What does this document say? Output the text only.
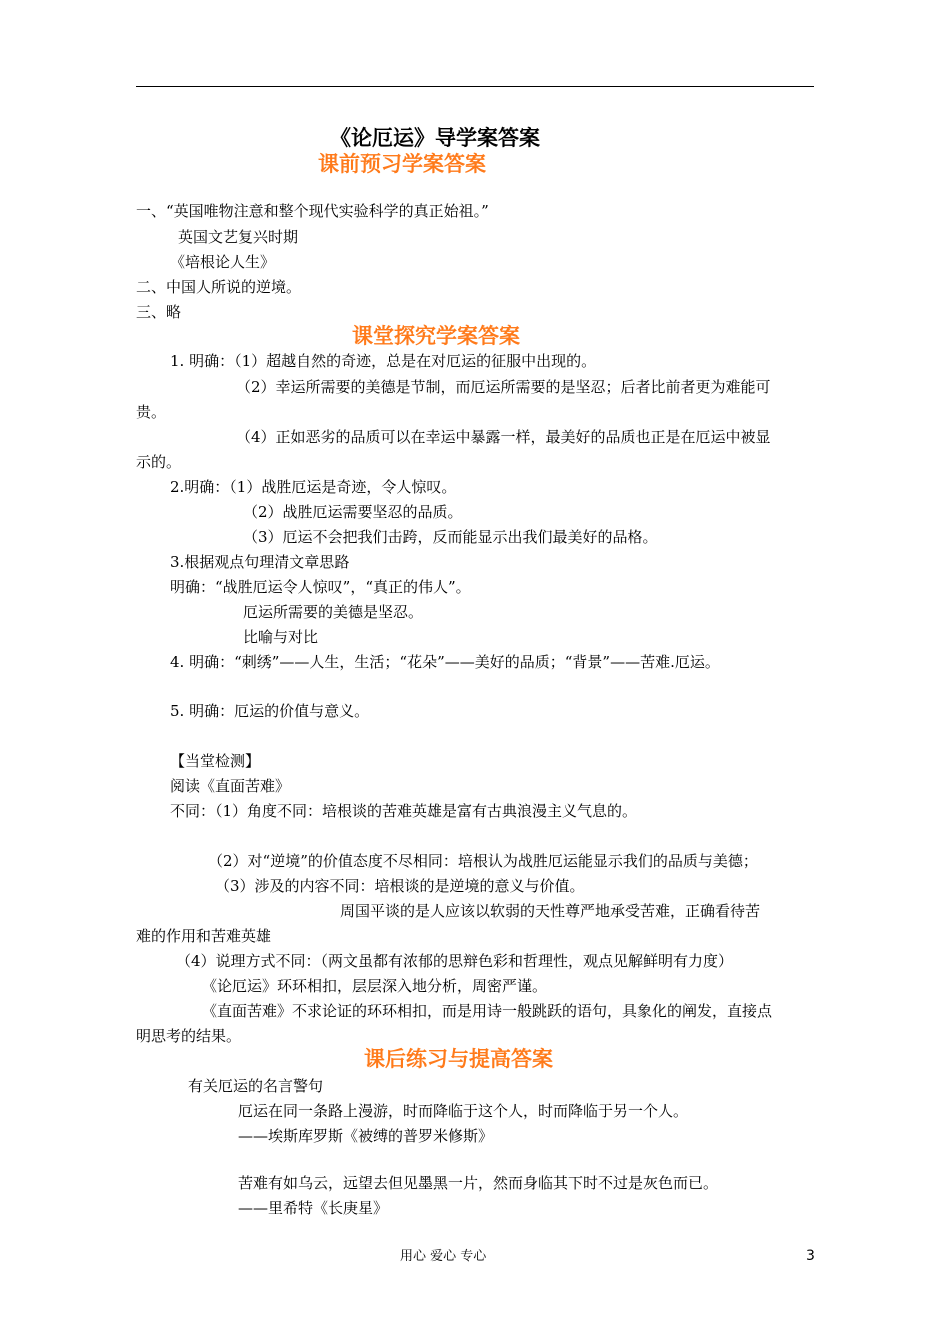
《论厄运》导学案答案
课前预习学案答案
一、“英国唯物注意和整个现代实验科学的真正始祖。”
英国文艺复兴时期
《培根论人生》
二、中国人所说的逆境。
三、略
课堂探究学案答案
1. 明确：（1）超越自然的奇迹，总是在对厄运的征服中出现的。
（2）幸运所需要的美德是节制，而厄运所需要的是坚忍；后者比前者更为难能可
贵。
（4）正如恶劣的品质可以在幸运中暴露一样，最美好的品质也正是在厄运中被显
示的。
2.明确：（1）战胜厄运是奇迹，令人惊叹。
（2）战胜厄运需要坚忍的品质。
（3）厄运不会把我们击跨，反而能显示出我们最美好的品格。
3.根据观点句理清文章思路
明确：“战胜厄运令人惊叹”，“真正的伟人”。
厄运所需要的美德是坚忍。
比喻与对比
4. 明确：“刺绣”——人生，生活；“花朵”——美好的品质；“背景”——苦难.厄运。
5. 明确：厄运的价值与意义。
【当堂检测】
阅读《直面苦难》
不同：（1）角度不同：培根谈的苦难英雄是富有古典浪漫主义气息的。
（2）对“逆境”的价值态度不尽相同：培根认为战胜厄运能显示我们的品质与美德；
（3）涉及的内容不同：培根谈的是逆境的意义与价值。
周国平谈的是人应该以软弱的天性尊严地承受苦难，正确看待苦
难的作用和苦难英雄
（4）说理方式不同：（两文虽都有浓郁的思辩色彩和哲理性，观点见解鲜明有力度）
《论厄运》环环相扣，层层深入地分析，周密严谨。
《直面苦难》不求论证的环环相扣，而是用诗一般跳跃的语句，具象化的阐发，直接点
明思考的结果。
课后练习与提高答案
有关厄运的名言警句
厄运在同一条路上漫游，时而降临于这个人，时而降临于另一个人。
——埃斯库罗斯《被缚的普罗米修斯》
苦难有如乌云，远望去但见墨黑一片，然而身临其下时不过是灰色而已。
——里希特《长庚星》
用心 爱心 专心	3
